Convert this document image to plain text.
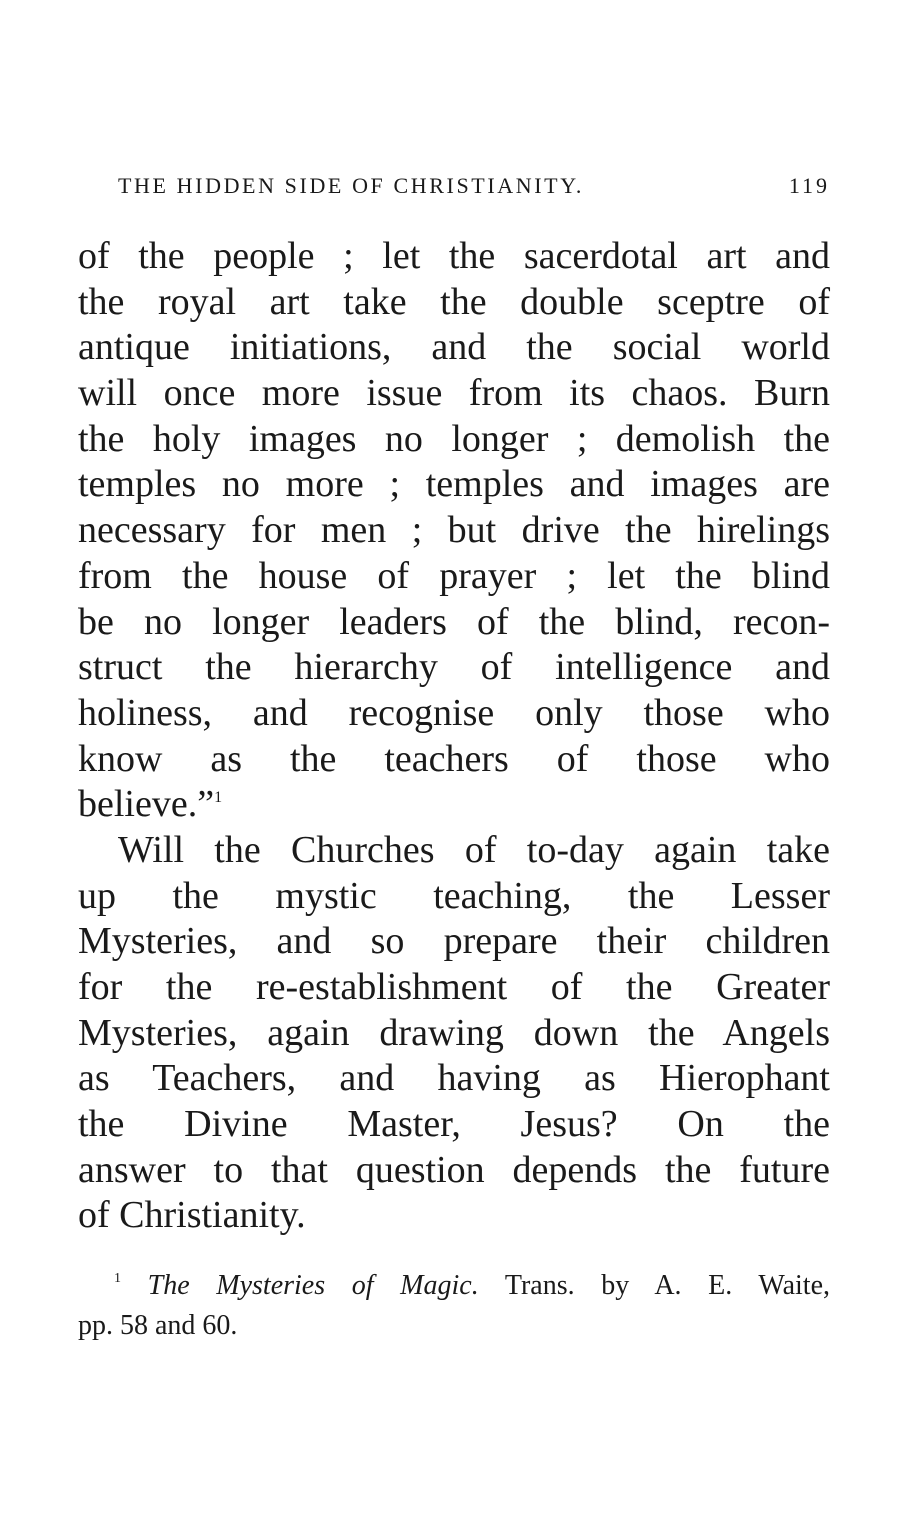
THE HIDDEN SIDE OF CHRISTIANITY.	119
of the people ; let the sacerdotal art and
the royal art take the double sceptre of
antique initiations, and the social world
will once more issue from its chaos. Burn
the holy images no longer ; demolish the
temples no more ; temples and images are
necessary for men ; but drive the hirelings
from the house of prayer ; let the blind
be no longer leaders of the blind, recon-
struct the hierarchy of intelligence and
holiness, and recognise only those who
know as the teachers of those who
believe.”$^1$
Will the Churches of to-day again take
up the mystic teaching, the Lesser
Mysteries, and so prepare their children
for the re-establishment of the Greater
Mysteries, again drawing down the Angels
as Teachers, and having as Hierophant
the Divine Master, Jesus? On the
answer to that question depends the future
of Christianity.
$^1$ The Mysteries of Magic. Trans. by A. E. Waite,
pp. 58 and 60.
